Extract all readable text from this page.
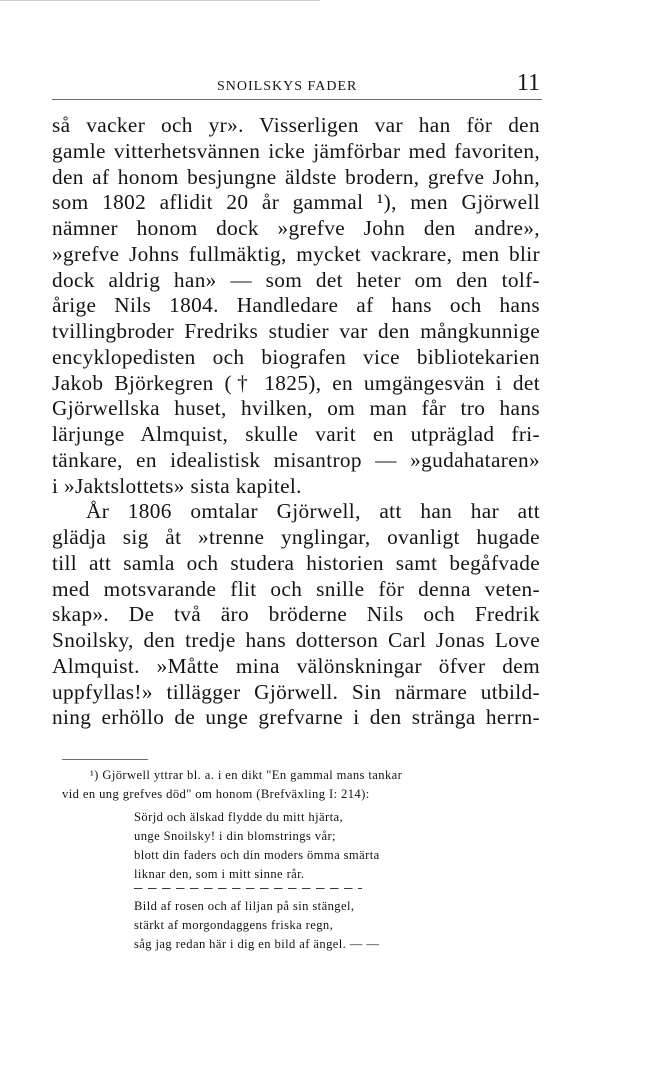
SNOILSKYS FADER	11

så vacker och yr». Visserligen var han för den
gamle vitterhetsvännen icke jämförbar med favoriten,
den af honom besjungne äldste brodern, grefve John,
som 1802 aflidit 20 år gammal ¹), men Gjörwell
nämner honom dock »grefve John den andre»,
»grefve Johns fullmäktig, mycket vackrare, men blir
dock aldrig han» — som det heter om den tolf-
årige Nils 1804. Handledare af hans och hans
tvillingbroder Fredriks studier var den mångkunnige
encyklopedisten och biografen vice bibliotekarien
Jakob Björkegren († 1825), en umgängesvän i det
Gjörwellska huset, hvilken, om man får tro hans
lärjunge Almquist, skulle varit en utpräglad fri-
tänkare, en idealistisk misantrop — »gudahataren»
i »Jaktslottets» sista kapitel.

År 1806 omtalar Gjörwell, att han har att
glädja sig åt »trenne ynglingar, ovanligt hugade
till att samla och studera historien samt begåfvade
med motsvarande flit och snille för denna veten-
skap». De två äro bröderne Nils och Fredrik
Snoilsky, den tredje hans dotterson Carl Jonas Love
Almquist. »Måtte mina välönskningar öfver dem
uppfyllas!» tillägger Gjörwell. Sin närmare utbild-
ning erhöllo de unge grefvarne i den stränga herrn-

¹) Gjörwell yttrar bl. a. i en dikt "En gammal mans tankar
vid en ung grefves död" om honom (Brefväxling I: 214):
Sörjd och älskad flydde du mitt hjärta,
unge Snoilsky! i din blomstrings vår;
blott din faders och din moders ömma smärta
liknar den, som i mitt sinne rår.
Bild af rosen och af liljan på sin stängel,
stärkt af morgondaggens friska regn,
såg jag redan här i dig en bild af ängel. — —
